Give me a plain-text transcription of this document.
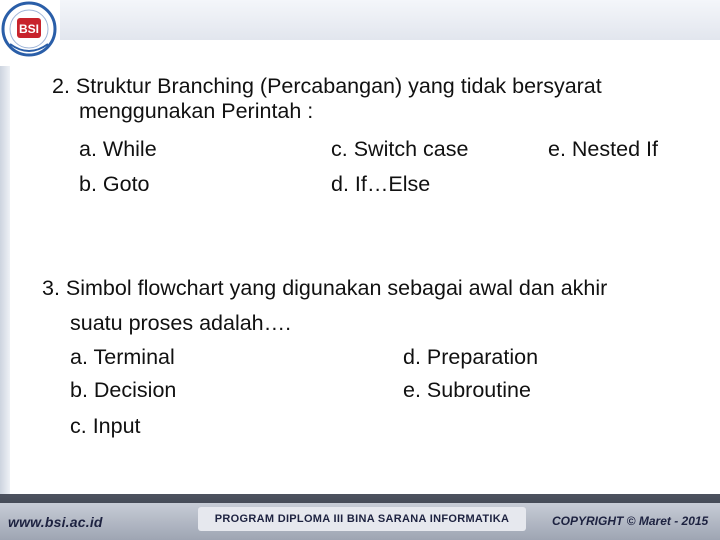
BSI
2. Struktur Branching (Percabangan) yang tidak bersyarat
menggunakan Perintah :
a. While	c. Switch case	e. Nested If
b. Goto	d. If…Else
3. Simbol flowchart yang digunakan sebagai awal dan akhir
suatu proses adalah….
a. Terminal	d. Preparation
b. Decision	e. Subroutine
c. Input
www.bsi.ac.id	PROGRAM DIPLOMA III BINA SARANA INFORMATIKA	COPYRIGHT © Maret - 2015
